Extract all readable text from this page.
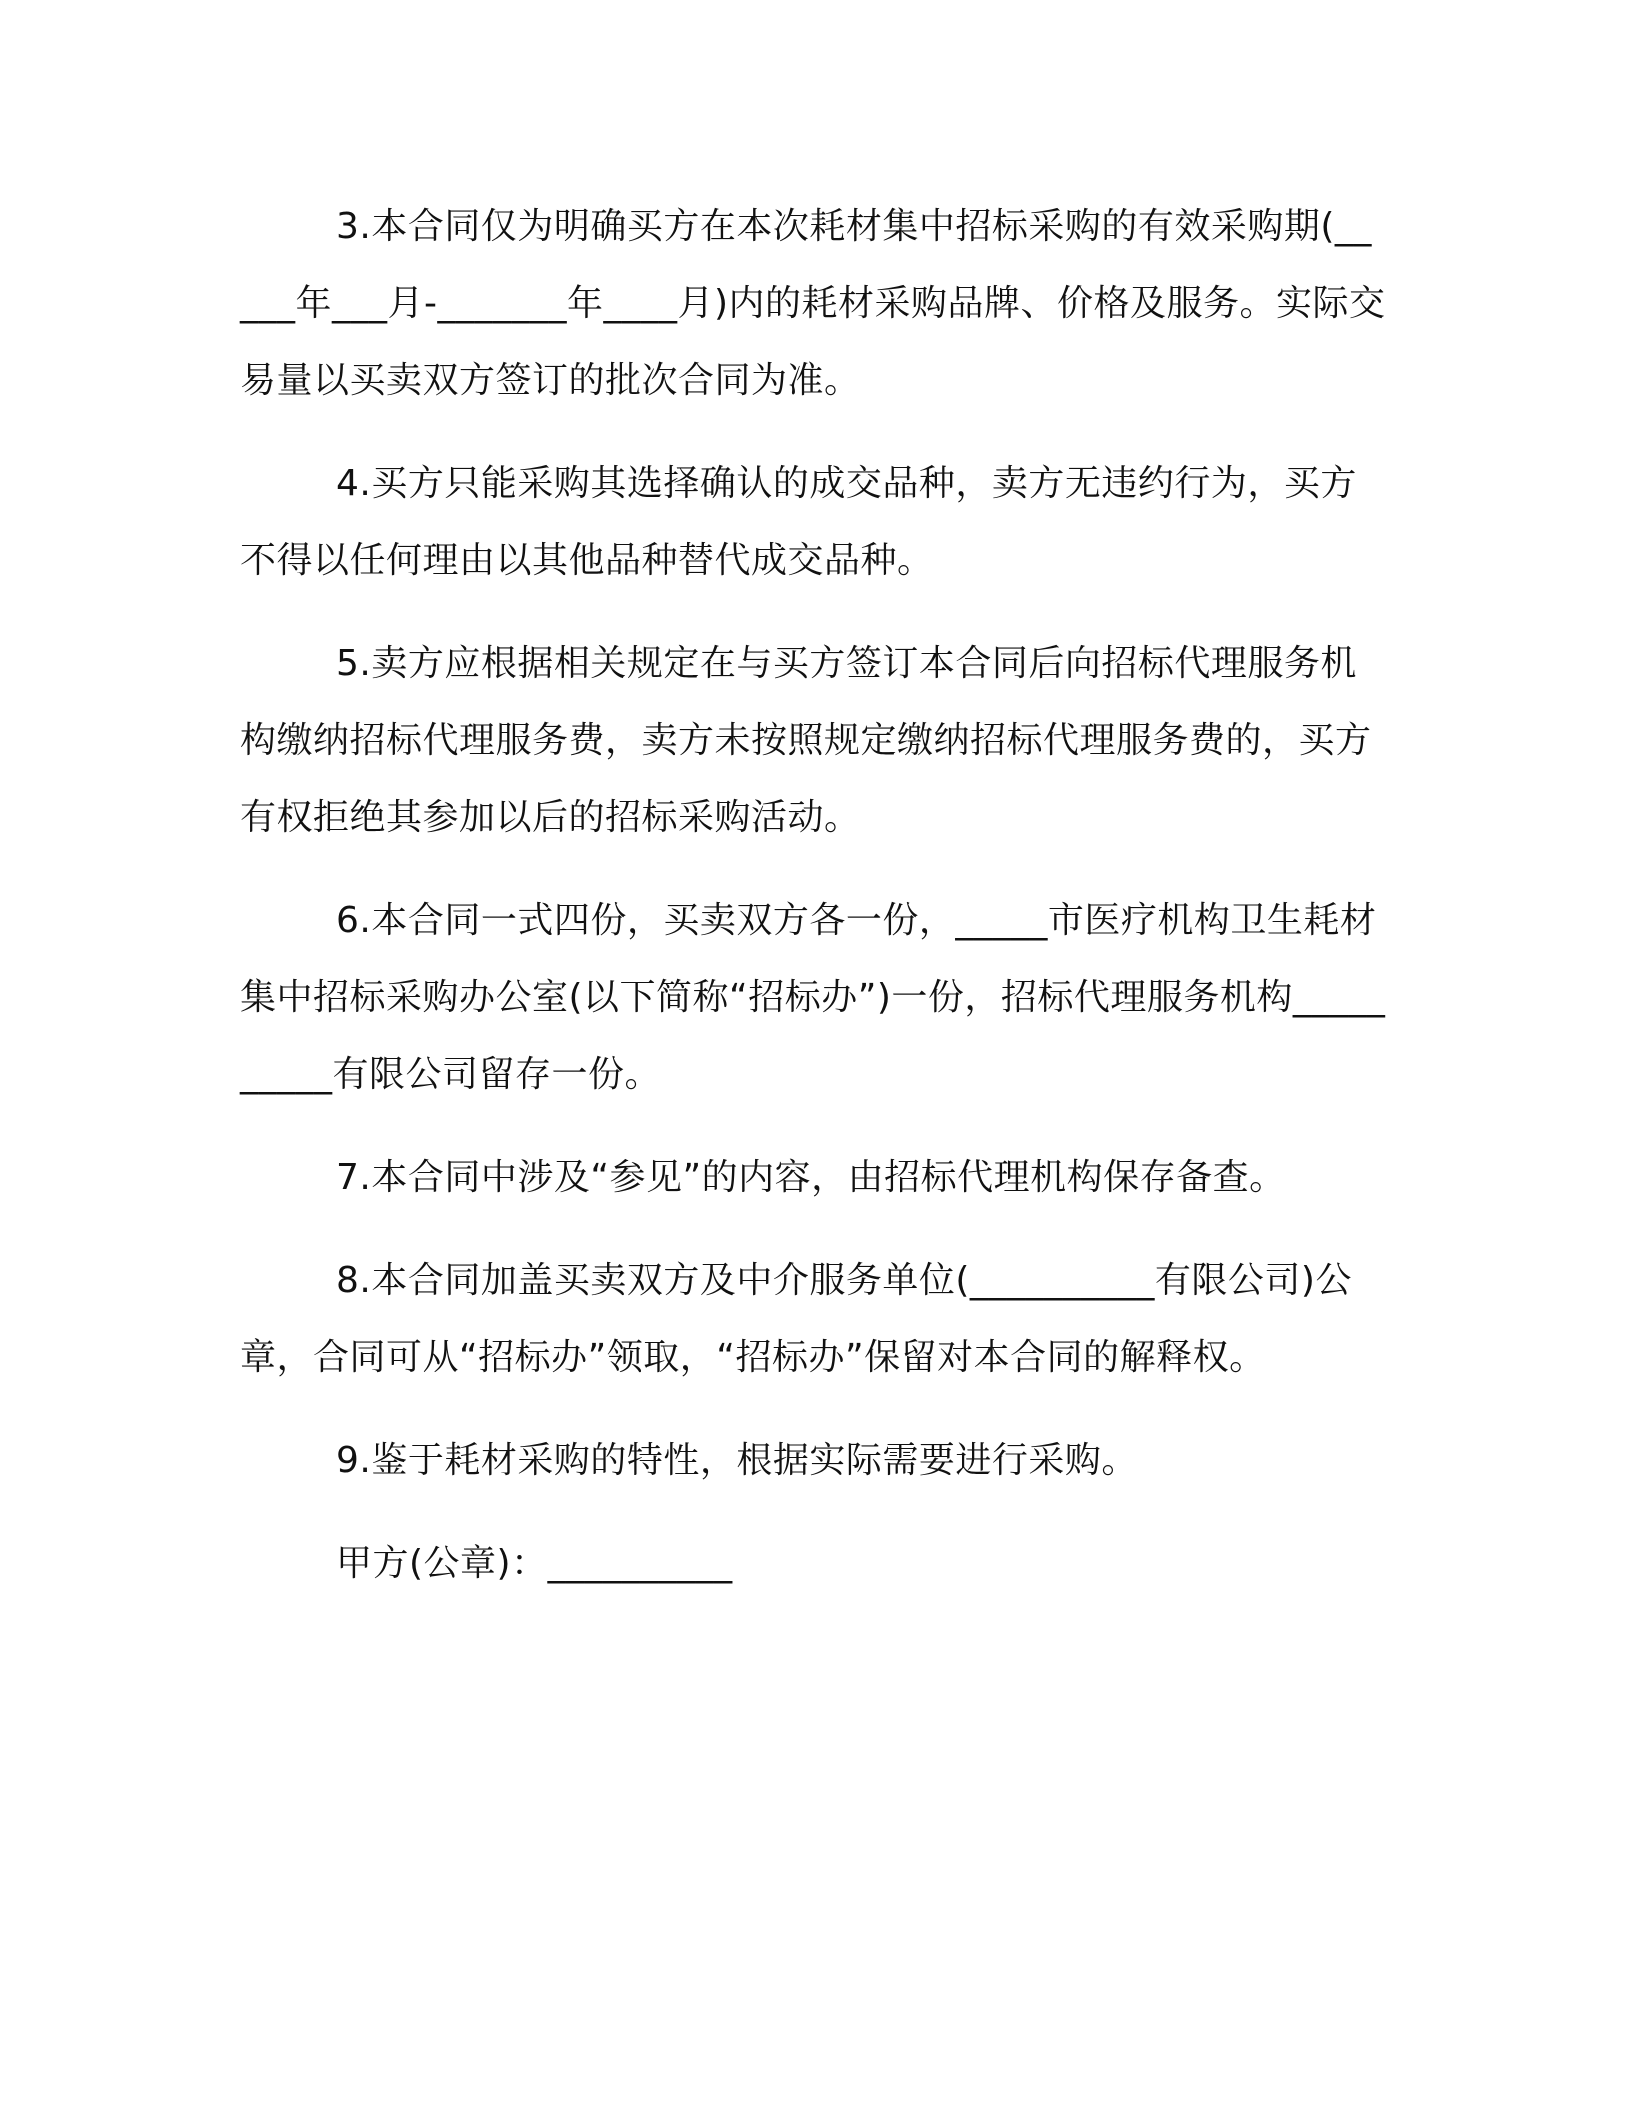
3.本合同仅为明确买方在本次耗材集中招标采购的有效采购期(_____年___月-_______年____月)内的耗材采购品牌、价格及服务。实际交易量以买卖双方签订的批次合同为准。

4.买方只能采购其选择确认的成交品种，卖方无违约行为，买方不得以任何理由以其他品种替代成交品种。

5.卖方应根据相关规定在与买方签订本合同后向招标代理服务机构缴纳招标代理服务费，卖方未按照规定缴纳招标代理服务费的，买方有权拒绝其参加以后的招标采购活动。

6.本合同一式四份，买卖双方各一份，_____市医疗机构卫生耗材集中招标采购办公室(以下简称“招标办”)一份，招标代理服务机构__________有限公司留存一份。

7.本合同中涉及“参见”的内容，由招标代理机构保存备查。

8.本合同加盖买卖双方及中介服务单位(__________有限公司)公章，合同可从“招标办”领取，“招标办”保留对本合同的解释权。

9.鉴于耗材采购的特性，根据实际需要进行采购。

甲方(公章)：__________
